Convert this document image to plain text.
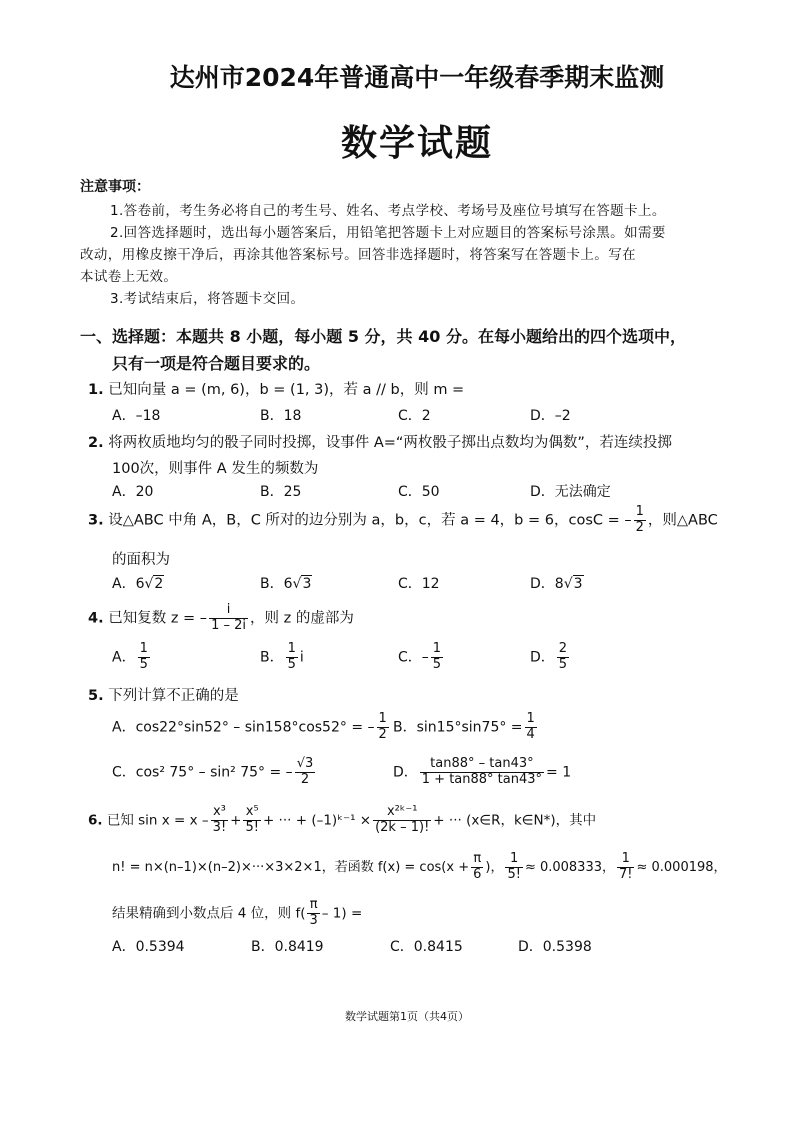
达州市2024年普通高中一年级春季期末监测
数学试题
注意事项：
1.答卷前，考生务必将自己的考生号、姓名、考点学校、考场号及座位号填写在答题卡上。
2.回答选择题时，选出每小题答案后，用铅笔把答题卡上对应题目的答案标号涂黑。如需要
改动，用橡皮擦干净后，再涂其他答案标号。回答非选择题时，将答案写在答题卡上。写在
本试卷上无效。
3.考试结束后，将答题卡交回。
一、选择题：本题共 8 小题，每小题 5 分，共 40 分。在每小题给出的四个选项中，
只有一项是符合题目要求的。
1. 已知向量 a = (m, 6)，b = (1, 3)，若 a // b，则 m =
A．–18	B．18	C．2	D．–2
2. 将两枚质地均匀的骰子同时投掷，设事件 A=“两枚骰子掷出点数均为偶数”，若连续投掷
100次，则事件 A 发生的频数为
A．20	B．25	C．50	D．无法确定
3. 设△ABC 中角 A，B，C 所对的边分别为 a，b，c，若 a = 4，b = 6，cosC = – $\frac{1}{2}$ ，则△ABC
的面积为
A．6√2	B．6√3	C．12	D．8√3
4. 已知复数 z = – $\frac{i}{1 - 2i}$ ，则 z 的虚部为
A． $\frac{1}{5}$	B． $\frac{1}{5}$ i	C．– $\frac{1}{5}$	D． $\frac{2}{5}$
5. 下列计算不正确的是
A．cos22°sin52° – sin158°cos52° = – $\frac{1}{2}$ B．$\sin 15^\circ\sin 75^\circ = \frac{1}{4}$
C．cos² 75° – sin² 75° = – $\frac{√3}{2}$	D． $\frac{\tan 88^\circ - \tan 43^\circ}{1 + \tan 88^\circ \tan 43^\circ} = 1$
6. 已知 $\sin x = x - \frac{\text{x³}}{3!} + \frac{\text{x⁵}}{5!}$ + ··· + (–1)ᵏ⁻¹ × $\frac{\text{x²ᵏ⁻¹}}{(2k - 1)!}$ + ··· (x∈R，k∈N*)，其中
n! = n×(n–1)×(n–2)×···×3×2×1，若函数 $f(x) = \cos(x + \frac{\pi}{6}$ )， $\frac{1}{5!} \approx 0.008333$， $\frac{1}{7!} \approx 0.000198$，
结果精确到小数点后 4 位，则 $f( \frac{\pi}{3} - 1)$ =
A．0.5394	B．0.8419	C．0.8415	D．0.5398
数学试题第1页（共4页）
